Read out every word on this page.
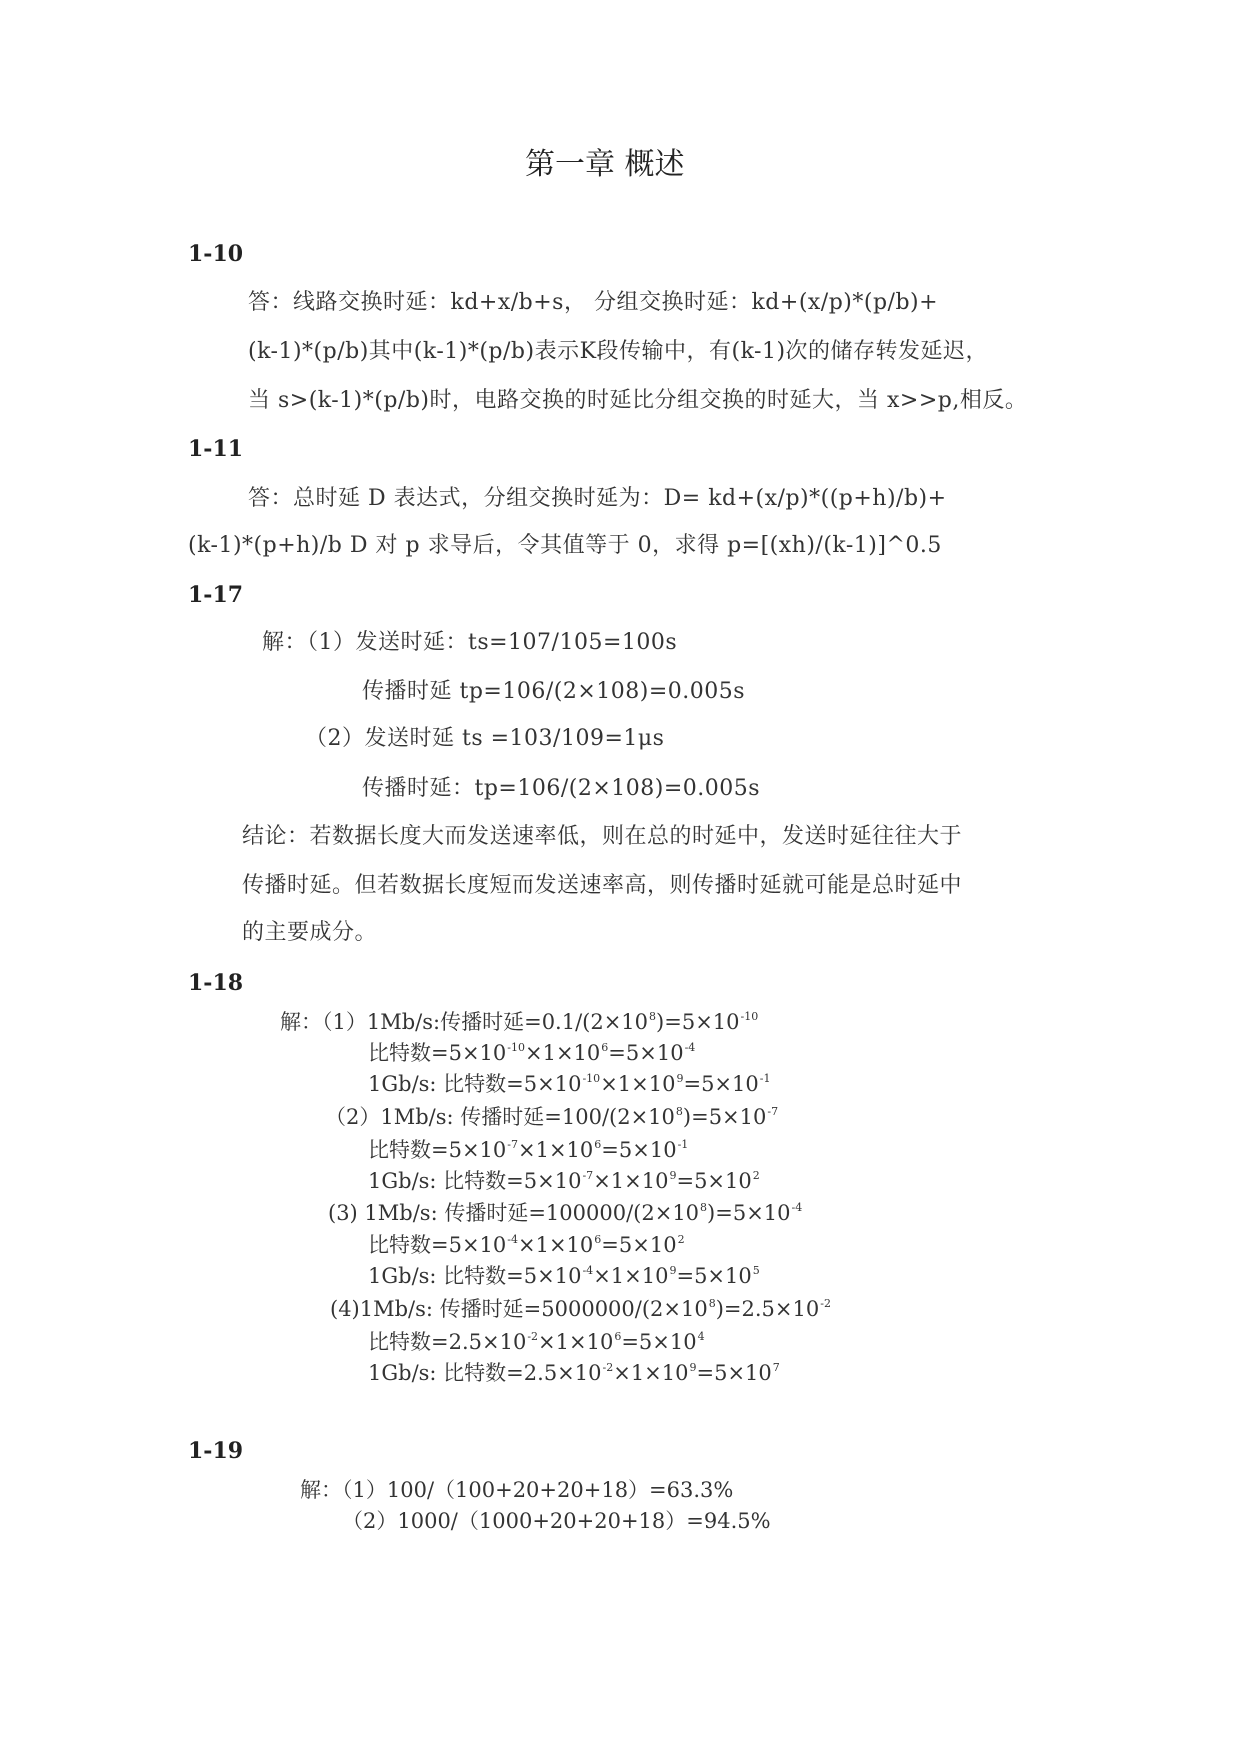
第一章 概述
1-10
答：线路交换时延：kd+x/b+s， 分组交换时延：kd+(x/p)*(p/b)+
(k-1)*(p/b)其中(k-1)*(p/b)表示K段传输中，有(k-1)次的储存转发延迟，
当 s>(k-1)*(p/b)时，电路交换的时延比分组交换的时延大，当 x>>p,相反。
1-11
答：总时延 D 表达式，分组交换时延为：D= kd+(x/p)*((p+h)/b)+
(k-1)*(p+h)/b D 对 p 求导后，令其值等于 0，求得 p=[(xh)/(k-1)]^0.5
1-17
解：（1）发送时延：ts=107/105=100s
传播时延 tp=106/(2×108)=0.005s
（2）发送时延 ts =103/109=1μs
传播时延：tp=106/(2×108)=0.005s
结论：若数据长度大而发送速率低，则在总的时延中，发送时延往往大于
传播时延。但若数据长度短而发送速率高，则传播时延就可能是总时延中
的主要成分。
1-18
解：（1）1Mb/s:传播时延$=0.1/(2\times 10^8)=5\times 10^{-10}$
比特数$=5\times 10^{-10}\times 1\times 10^6=5\times 10^{-4}$
1Gb/s: 比特数$=5\times 10^{-10}\times 1\times 10^9=5\times 10^{-1}$
（2）1Mb/s: 传播时延$=100/(2\times 10^8)=5\times 10^{-7}$
比特数$=5\times 10^{-7}\times 1\times 10^6=5\times 10^{-1}$
1Gb/s: 比特数$=5\times 10^{-7}\times 1\times 10^9=5\times 10^2$
(3) 1Mb/s: 传播时延$=100000/(2\times 10^8)=5\times 10^{-4}$
比特数$=5\times 10^{-4}\times 1\times 10^6=5\times 10^2$
1Gb/s: 比特数$=5\times 10^{-4}\times 1\times 10^9=5\times 10^5$
(4)1Mb/s: 传播时延$=5000000/(2\times 10^8)=2.5\times 10^{-2}$
比特数$=2.5\times 10^{-2}\times 1\times 10^6=5\times 10^4$
1Gb/s: 比特数$=2.5\times 10^{-2}\times 1\times 10^9=5\times 10^7$
1-19
解：（1）100/（100+20+20+18）=63.3%
（2）1000/（1000+20+20+18）=94.5%
